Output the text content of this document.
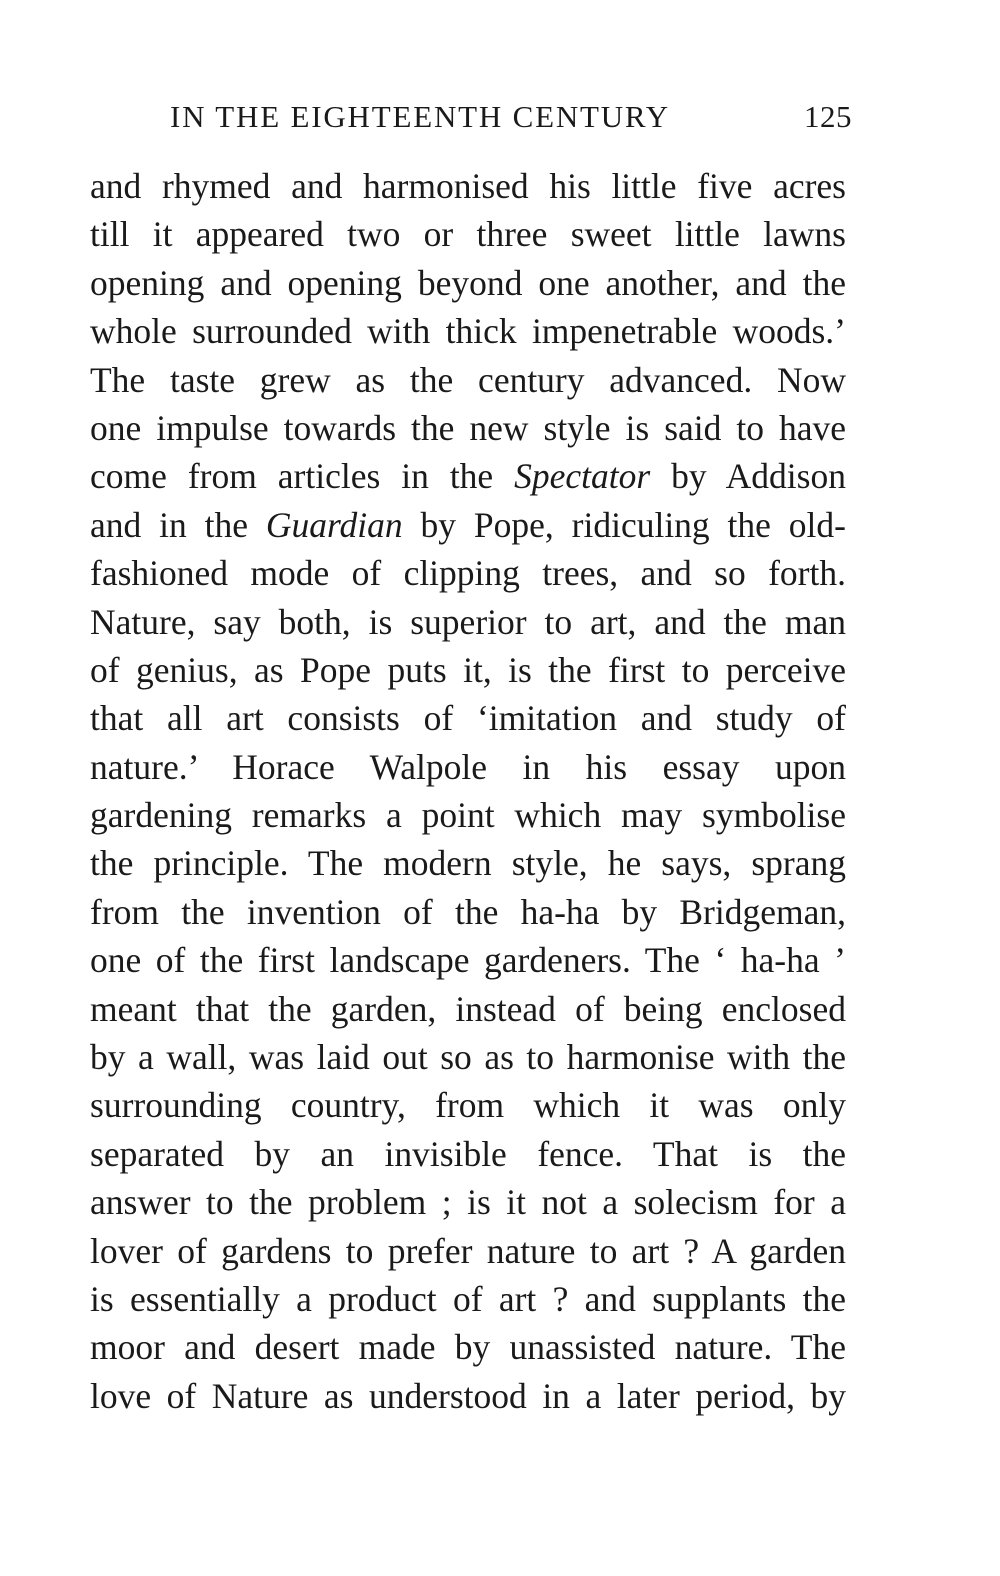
IN THE EIGHTEENTH CENTURY	125
and rhymed and harmonised his little five acres
till it appeared two or three sweet little lawns
opening and opening beyond one another, and the
whole surrounded with thick impenetrable woods.’
The taste grew as the century advanced. Now
one impulse towards the new style is said to have
come from articles in the Spectator by Addison
and in the Guardian by Pope, ridiculing the old-
fashioned mode of clipping trees, and so forth.
Nature, say both, is superior to art, and the man
of genius, as Pope puts it, is the first to perceive
that all art consists of ‘imitation and study of
nature.’ Horace Walpole in his essay upon
gardening remarks a point which may symbolise
the principle. The modern style, he says, sprang
from the invention of the ha-ha by Bridgeman,
one of the first landscape gardeners. The ‘ ha-ha ’
meant that the garden, instead of being enclosed
by a wall, was laid out so as to harmonise with the
surrounding country, from which it was only
separated by an invisible fence. That is the
answer to the problem ; is it not a solecism for a
lover of gardens to prefer nature to art ? A garden
is essentially a product of art ? and supplants the
moor and desert made by unassisted nature. The
love of Nature as understood in a later period, by
